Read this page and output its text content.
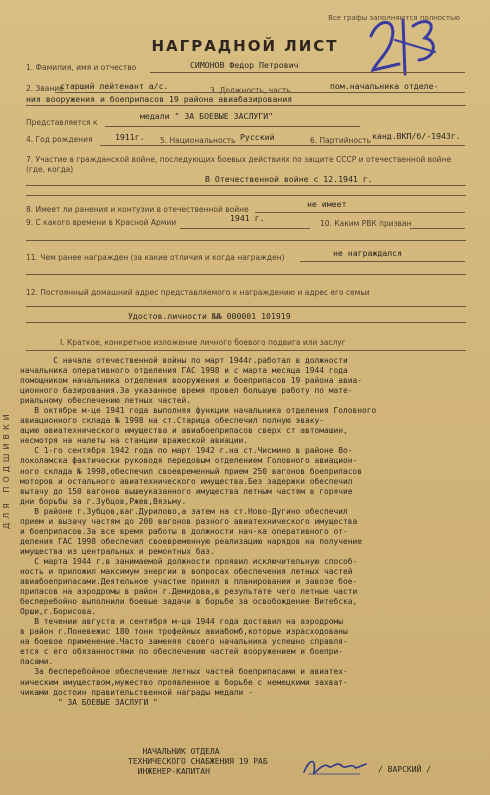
Все графы заполняются полностью
НАГРАДНОЙ ЛИСТ
ДЛЯ ПОДШИВКИ
1. Фамилия, имя и отчество	СИМОНОВ Федор Петрович
2. Звание
старший лейтенант а/с.	3. Должность, часть	пом.начальника отделе-
ния вооружения и боеприпасов 19 района авиабазирования
Представляется к
медали " ЗА БОЕВЫЕ ЗАСЛУГИ"
4. Год рождения	1911г. 5. Национальность Русский	6. Партийность канд.ВКП/б/-1943г.
7. Участие в гражданской войне, последующих боевых действиях по защите СССР и отечественной войне (где, когда)
В Отечественной войне с 12.1941 г.
8. Имеет ли ранения и контузии в отечественной войне
не имеет
9. С какого времени в Красной Армии	1941 г.
10. Каким РВК призван
11. Чем ранее награжден (за какие отличия и когда награжден)	не награждался
12. Постоянный домашний адрес представляемого к награждению и адрес его семьи
Удостов.личности №№ 000001 101919
I. Краткое, конкретное изложение личного боевого подвига или заслуг
С начала отечественной войны по март 1944г.работал в должности
начальника оперативного отделения ГАС 1998 и с марта месяца 1944 года
помощником начальника отделения вооружения и боеприпасов 19 района авиа-
ционного базирования.За указанное время провел большую работу по мате-
риальному обеспечению летных частей.
В октябре м-це 1941 года выполняя функции начальника отделения Головного
авиационного склада № 1998 на ст.Старица обеспечил полную эваку-
ацию авиатехнического имущества и авиабоеприпасов сверх ст автомашин,
несмотря на налеты на станции вражеской авиации.
С 1-го сентября 1942 года по март 1942 г.на ст.Чисмино в районе Во-
локоламска фактически руководя передовым отделением Головного авиацион-
ного склада № 1998,обеспечил своевременный прием 250 вагонов боеприпасов
моторов и остального авиатехнического имущества.Без задержки обеспечил
вытачу до 150 вагонов вышеуказанного имущества летным частям в горячие
дни борьбы за г.Зубцов,Ржев,Вязьму.
В районе г.Зубцов,ваг.Дурилово,а затем на ст.Ново-Дугино обеспечил
прием и вызачу частям до 200 вагонов разного авиатехнического имущества
и боеприпасов.За все время работы в должности нач-ка оперативного от-
деления ГАС 1998 обеспечил своевременную реализацию нарядов на получение
имущества из центральных и ремонтных баз.
С марта 1944 г.в занимаемой должности проявил исключительную способ-
ность и приложил максимум энергии в вопросах обеспечения летных частей
авиабоеприпасами.Деятельное участие принял в планировании и завозе бое-
припасов на аэродромы в район г.Демидова,в результате чего летные части
бесперебойно выполнили боевые задачи в борьбе за освобождение Витебска,
Орши,г.Борисова.
В течении августа и сентября м-ца 1944 года доставил на аэродромы
в район г.Поневежис 180 тонн трофейных авиабомб,которые израсходованы
на боевое применение.Часто заменяя своего начальника успешно справля-
ется с его обязанностями по обеспечению частей вооружением и боепри-
пасами.
За бесперебойное обеспечение летных частей боеприпасами и авиатех-
ническим имуществом,мужество проявленное в борьбе с немецкими захват-
чиками достоин правительственной награды медали -
" ЗА БОЕВЫЕ ЗАСЛУГИ "
НАЧАЛЬНИК ОТДЕЛА
ТЕХНИЧЕСКОГО СНАБЖЕНИЯ 19 РАБ
ИНЖЕНЕР-КАПИТАН	/ ВАРСКИЙ /
